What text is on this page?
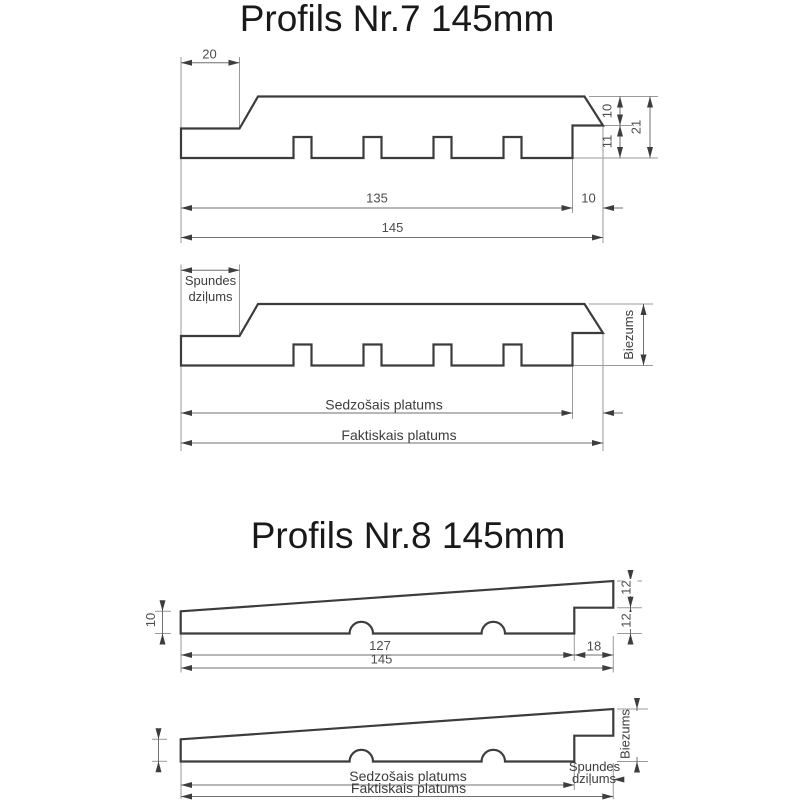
Profils Nr.7 145mm
Profils Nr.8 145mm
20
10
11
21
135	10
145
Spundes
dziļums
Biezums
Sedzošais platums
Faktiskais platums
10
12
12
127	18
145
Biezums
Sedzošais platums
Spundes
dziļums
Faktiskais platums
